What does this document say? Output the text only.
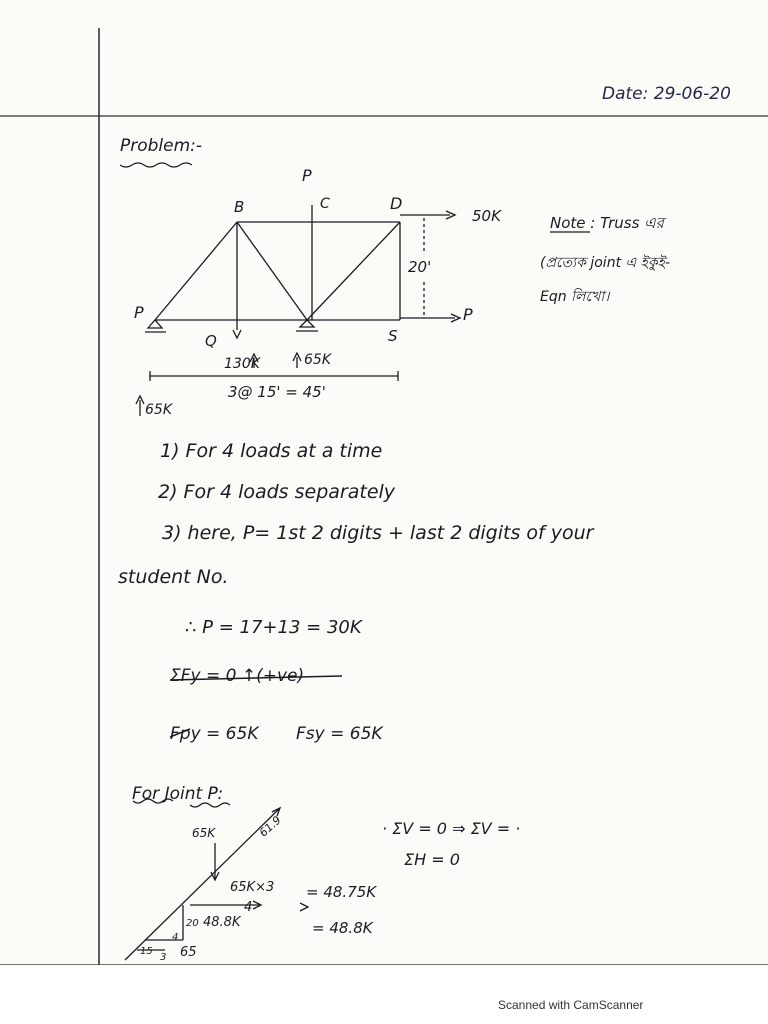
Date: 29-06-20
Problem:-
P
B	C	D
50K
20'
P	P
Q	S
130K	65K
3@ 15' = 45'
65K
Note : Truss এর
(প্রত্যেক joint এ ইকুই-
Eqn লিখো।
1) For 4 loads at a time
2) For 4 loads separately
3) here, P= 1st 2 digits + last 2 digits of your
student No.
∴ P = 17+13 = 30K
ΣFy = 0 ↑(+ve)
Fpy = 65K Fsy = 65K
For Joint P:
· ΣV = 0 ⇒ ΣV = ·
ΣH = 0
65K	61.9
65K×3
4
48.8K
= 48.75K
= 48.8K
20
4
15
3 65
Scanned with CamScanner
